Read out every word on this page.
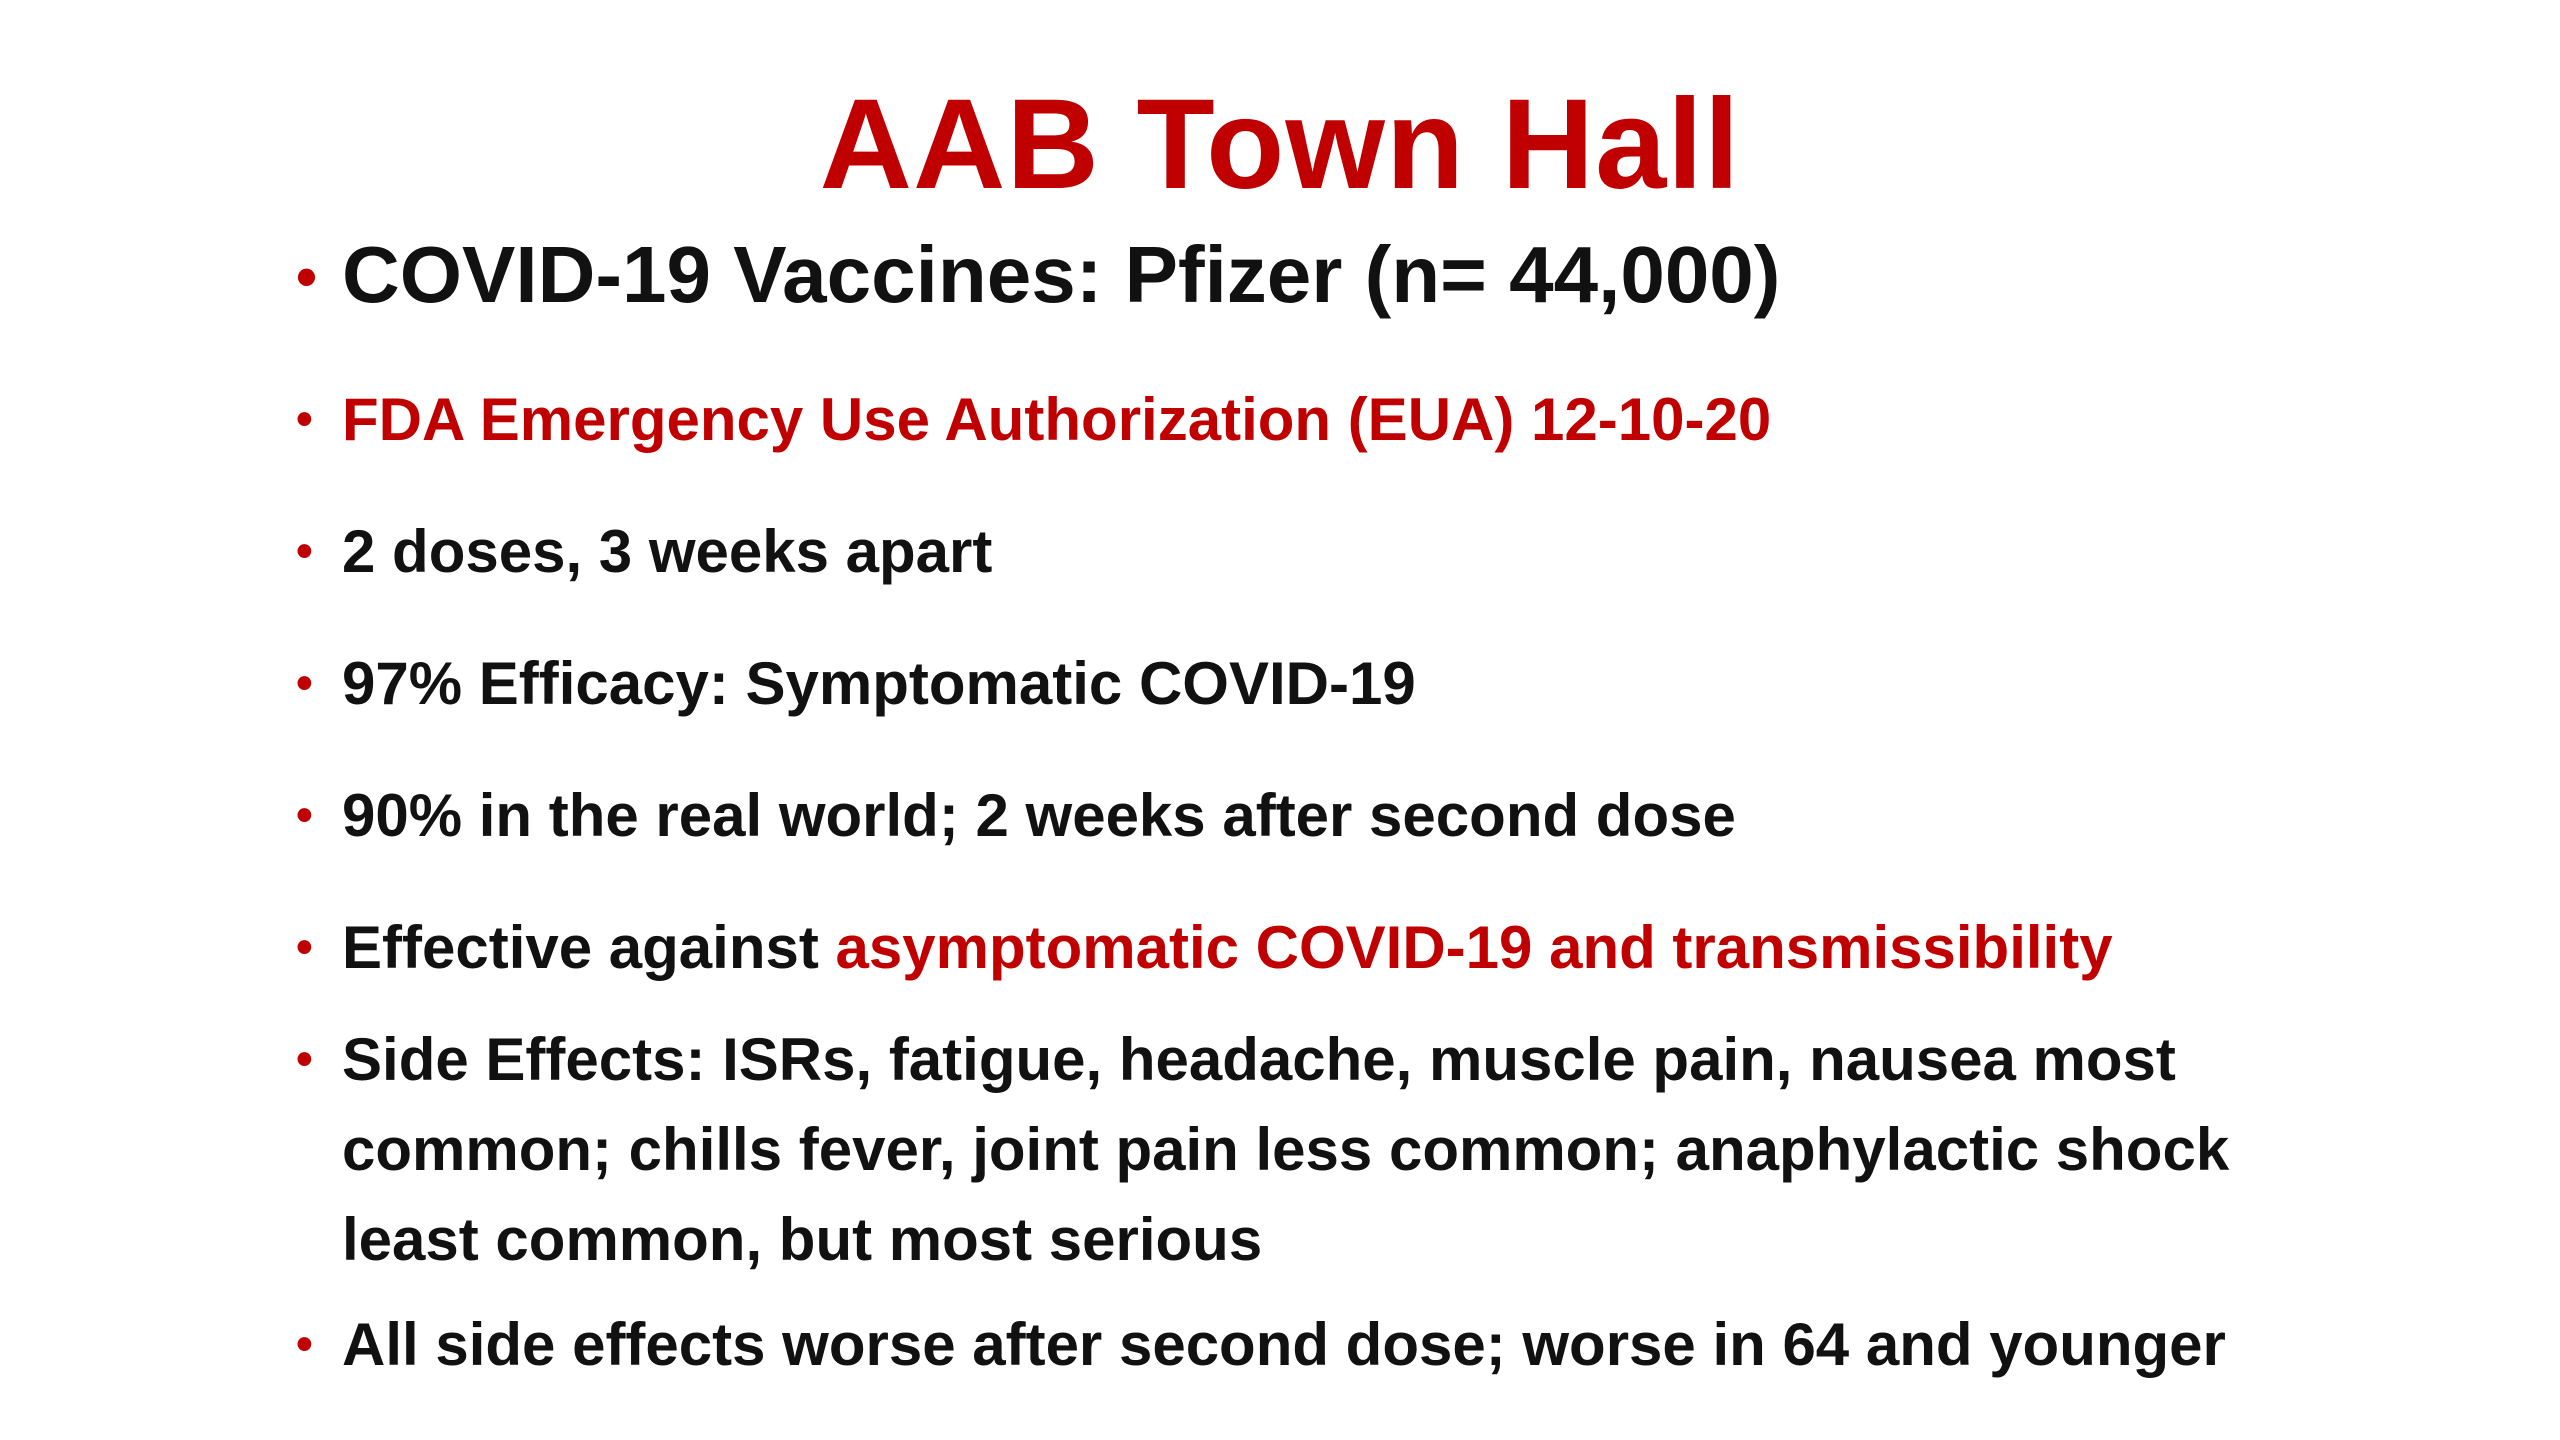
AAB Town Hall
• COVID-19 Vaccines: Pfizer (n= 44,000)
• FDA Emergency Use Authorization (EUA) 12-10-20
• 2 doses, 3 weeks apart
• 97% Efficacy: Symptomatic COVID-19
• 90% in the real world; 2 weeks after second dose
• Effective against asymptomatic COVID-19 and transmissibility
• Side Effects: ISRs, fatigue, headache, muscle pain, nausea most
common; chills fever, joint pain less common; anaphylactic shock
least common, but most serious
• All side effects worse after second dose; worse in 64 and younger
